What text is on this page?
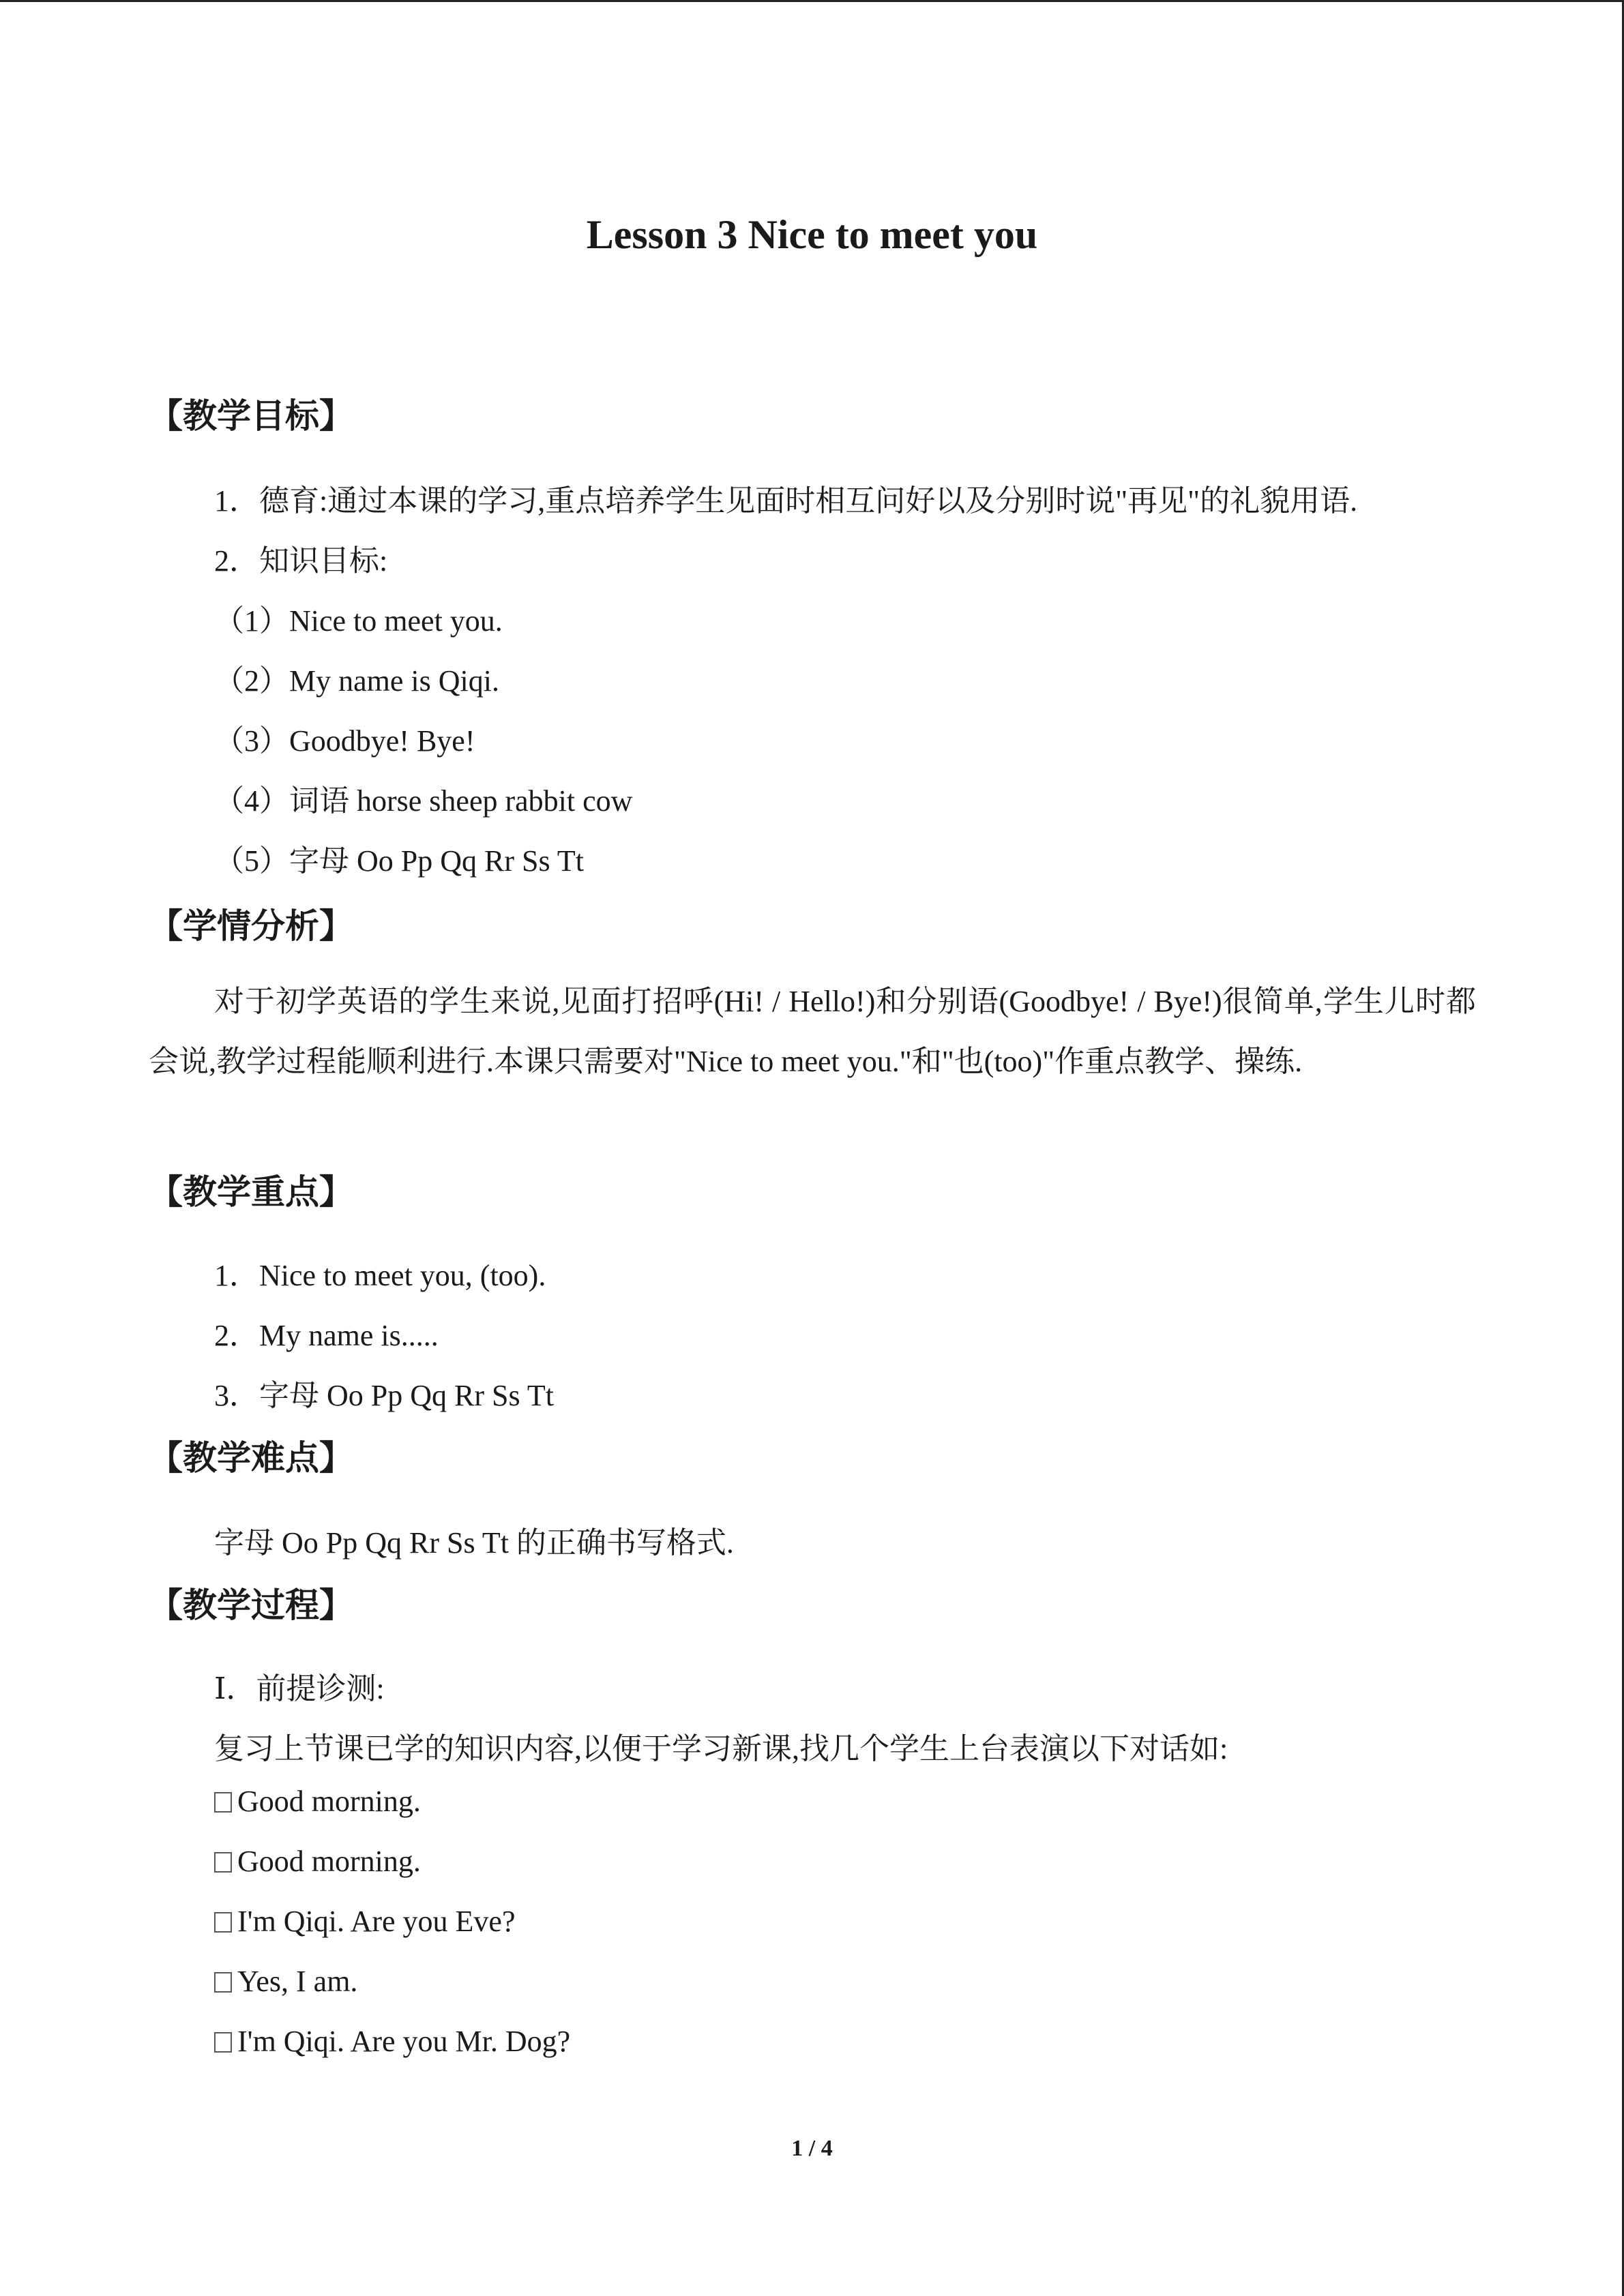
Lesson 3 Nice to meet you
【教学目标】
1．德育:通过本课的学习,重点培养学生见面时相互问好以及分别时说"再见"的礼貌用语.
2．知识目标:
（1）Nice to meet you.
（2）My name is Qiqi.
（3）Goodbye! Bye!
（4）词语 horse sheep rabbit cow
（5）字母 Oo Pp Qq Rr Ss Tt
【学情分析】
对于初学英语的学生来说,见面打招呼(Hi! / Hello!)和分别语(Goodbye! / Bye!)很简单,学生儿时都会说,教学过程能顺利进行.本课只需要对"Nice to meet you."和"也(too)"作重点教学、操练.
【教学重点】
1．Nice to meet you, (too).
2．My name is.....
3．字母 Oo Pp Qq Rr Ss Tt
【教学难点】
字母 Oo Pp Qq Rr Ss Tt 的正确书写格式.
【教学过程】
Ⅰ．前提诊测:
复习上节课已学的知识内容,以便于学习新课,找几个学生上台表演以下对话如:
Good morning.
Good morning.
I'm Qiqi. Are you Eve?
Yes, I am.
I'm Qiqi. Are you Mr. Dog?
1 / 4
